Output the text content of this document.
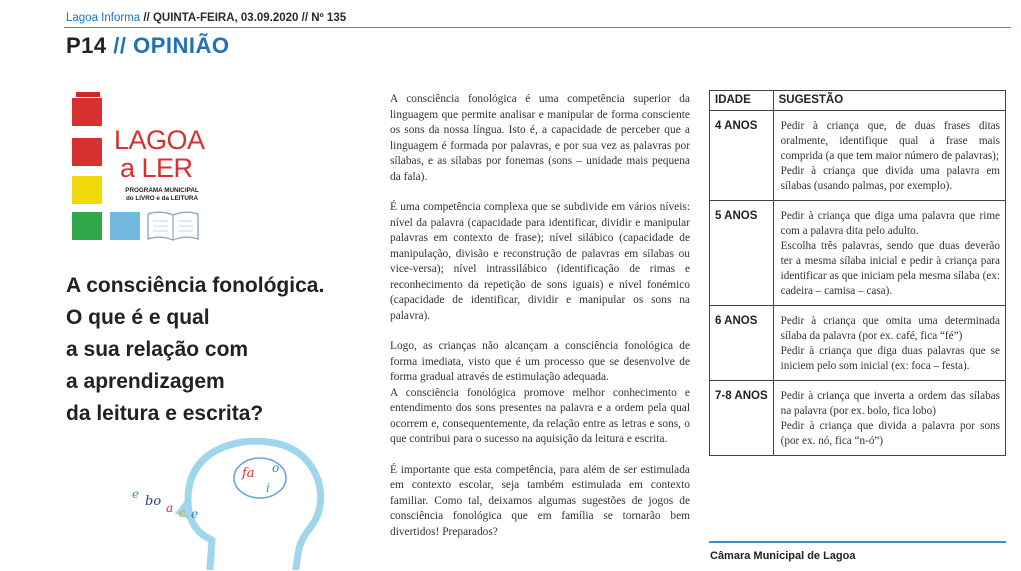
Lagoa Informa // QUINTA-FEIRA, 03.09.2020 // Nº 135
P14 // OPINIÃO
LAGOA
a LER
PROGRAMA MUNICIPAL
do LIVRO e da LEITURA
A consciência fonológica.
O que é e qual
a sua relação com
a aprendizagem
da leitura e escrita?
fa o
i
e bo a c e

A consciência fonológica é uma competência superior da linguagem que permite analisar e manipular de forma consciente os sons da nossa língua. Isto é, a capacidade de perceber que a linguagem é formada por palavras, e por sua vez as palavras por sílabas, e as sílabas por fonemas (sons – unidade mais pequena da fala).

É uma competência complexa que se subdivide em vários níveis: nível da palavra (capacidade para identificar, dividir e manipular palavras em contexto de frase); nível silábico (capacidade de manipulação, divisão e reconstrução de palavras em sílabas ou vice-versa); nível intrassilábico (identificação de rimas e reconhecimento da repetição de sons iguais) e nível fonémico (capacidade de identificar, dividir e manipular os sons na palavra).

Logo, as crianças não alcançam a consciência fonológica de forma imediata, visto que é um processo que se desenvolve de forma gradual através de estimulação adequada.

A consciência fonológica promove melhor conhecimento e entendimento dos sons presentes na palavra e a ordem pela qual ocorrem e, consequentemente, da relação entre as letras e sons, o que contribui para o sucesso na aquisição da leitura e escrita.

É importante que esta competência, para além de ser estimulada em contexto escolar, seja também estimulada em contexto familiar. Como tal, deixamos algumas sugestões de jogos de consciência fonológica que em família se tornarão bem divertidos! Preparados?

IDADE	SUGESTÃO
4 ANOS	Pedir à criança que, de duas frases ditas oralmente, identifique qual a frase mais comprida (a que tem maior número de palavras);
Pedir à criança que divida uma palavra em sílabas (usando palmas, por exemplo).

5 ANOS	Pedir à criança que diga uma palavra que rime com a palavra dita pelo adulto.
Escolha três palavras, sendo que duas deverão ter a mesma sílaba inicial e pedir à criança para identificar as que iniciam pela mesma sílaba (ex: cadeira – camisa – casa).

6 ANOS	Pedir à criança que omita uma determinada sílaba da palavra (por ex. café, fica “fé”)
Pedir à criança que diga duas palavras que se iniciem pelo som inicial (ex: foca – festa).

7-8 ANOS	Pedir à criança que inverta a ordem das sílabas na palavra (por ex. bolo, fica lobo)
Pedir à criança que divida a palavra por sons (por ex. nó, fica “n-ó”)
Câmara Municipal de Lagoa
